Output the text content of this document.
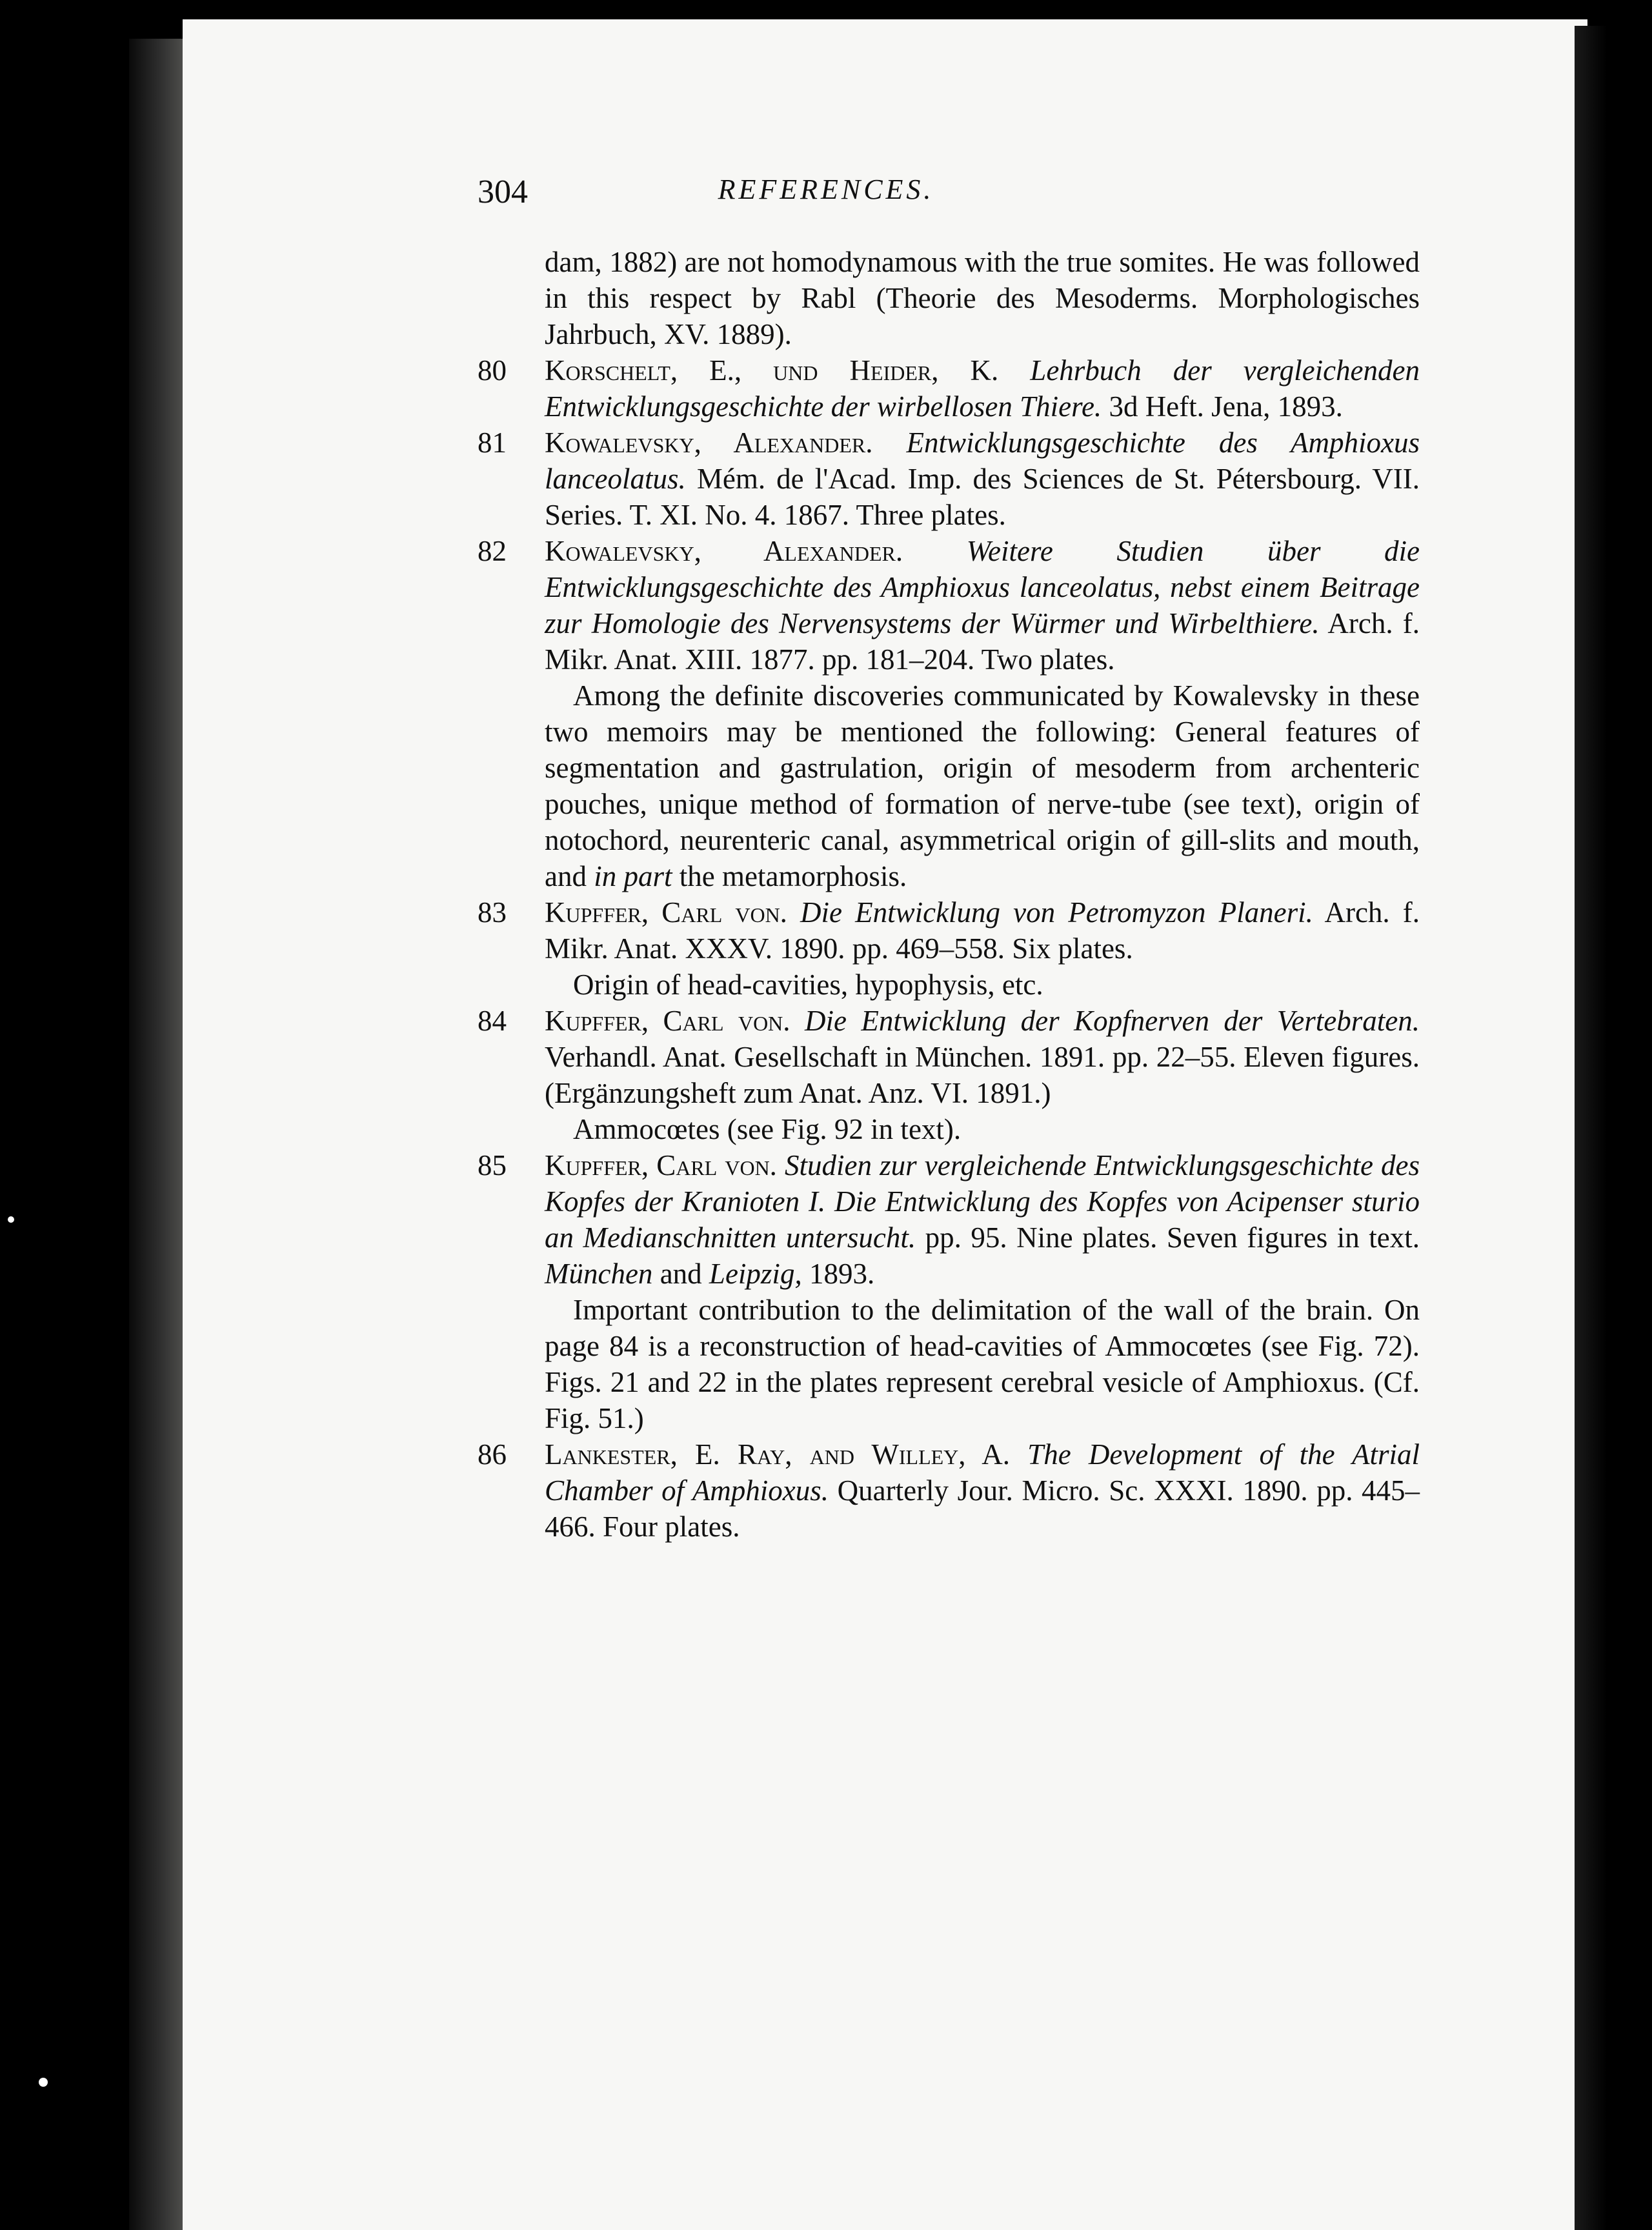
304	REFERENCES.
dam, 1882) are not homodynamous with the true somites. He was followed in this respect by Rabl (Theorie des Mesoderms. Morphologisches Jahrbuch, XV. 1889).
80	Korschelt, E., und Heider, K. Lehrbuch der vergleichenden Entwicklungsgeschichte der wirbellosen Thiere. 3d Heft. Jena, 1893.
81	Kowalevsky, Alexander. Entwicklungsgeschichte des Amphioxus lanceolatus. Mém. de l'Acad. Imp. des Sciences de St. Pétersbourg. VII. Series. T. XI. No. 4. 1867. Three plates.
82	Kowalevsky, Alexander. Weitere Studien über die Entwicklungsgeschichte des Amphioxus lanceolatus, nebst einem Beitrage zur Homologie des Nervensystems der Würmer und Wirbelthiere. Arch. f. Mikr. Anat. XIII. 1877. pp. 181–204. Two plates.
Among the definite discoveries communicated by Kowalevsky in these two memoirs may be mentioned the following: General features of segmentation and gastrulation, origin of mesoderm from archenteric pouches, unique method of formation of nerve-tube (see text), origin of notochord, neurenteric canal, asymmetrical origin of gill-slits and mouth, and in part the metamorphosis.
83	Kupffer, Carl von. Die Entwicklung von Petromyzon Planeri. Arch. f. Mikr. Anat. XXXV. 1890. pp. 469–558. Six plates.
Origin of head-cavities, hypophysis, etc.
84	Kupffer, Carl von. Die Entwicklung der Kopfnerven der Vertebraten. Verhandl. Anat. Gesellschaft in München. 1891. pp. 22–55. Eleven figures. (Ergänzungsheft zum Anat. Anz. VI. 1891.)
Ammocœtes (see Fig. 92 in text).
85	Kupffer, Carl von. Studien zur vergleichende Entwicklungsgeschichte des Kopfes der Kranioten I. Die Entwicklung des Kopfes von Acipenser sturio an Medianschnitten untersucht. pp. 95. Nine plates. Seven figures in text. München and Leipzig, 1893.
Important contribution to the delimitation of the wall of the brain. On page 84 is a reconstruction of head-cavities of Ammocœtes (see Fig. 72). Figs. 21 and 22 in the plates represent cerebral vesicle of Amphioxus. (Cf. Fig. 51.)
86	Lankester, E. Ray, and Willey, A. The Development of the Atrial Chamber of Amphioxus. Quarterly Jour. Micro. Sc. XXXI. 1890. pp. 445–466. Four plates.
